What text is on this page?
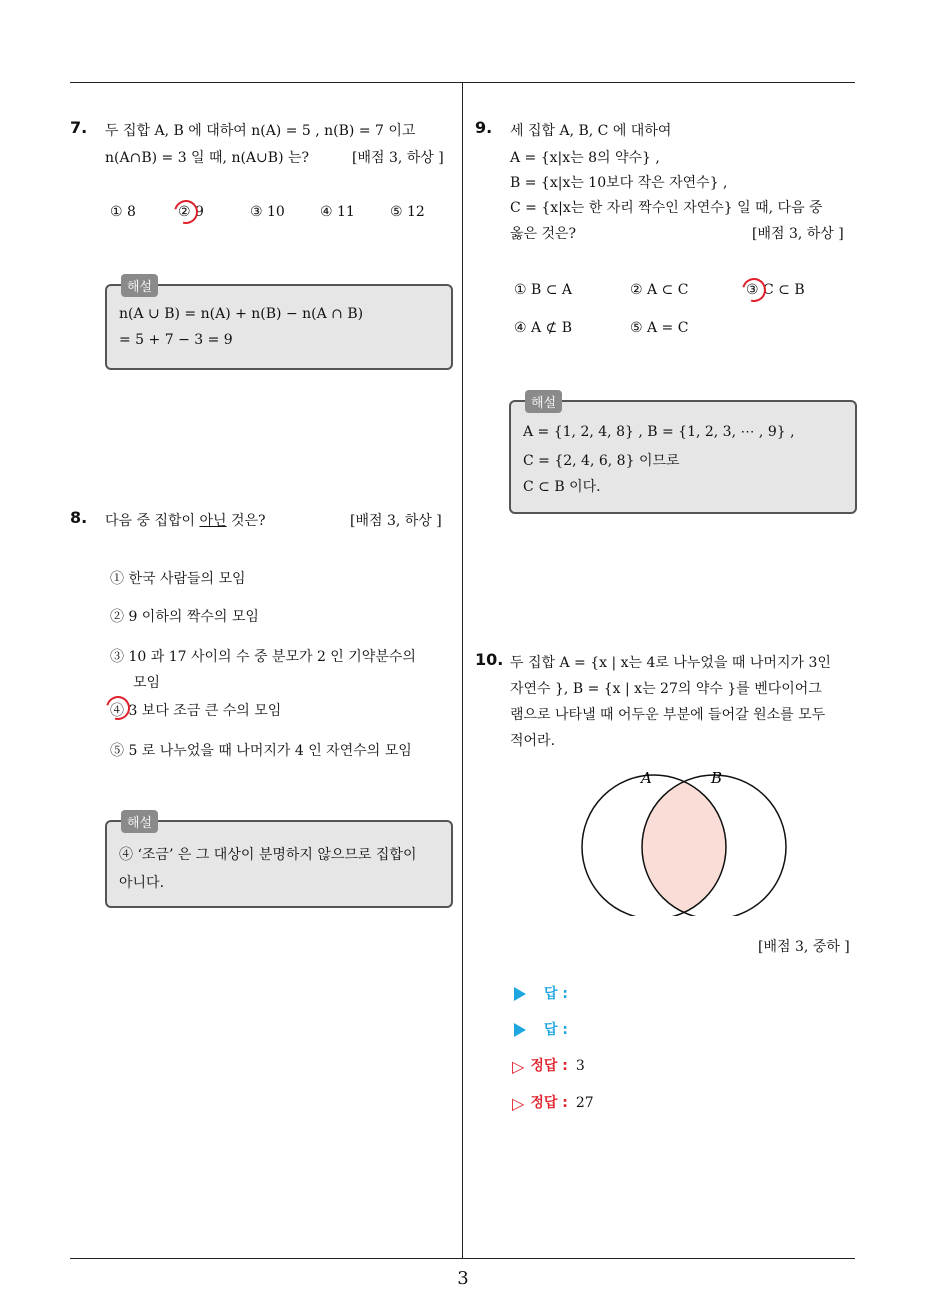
7. 두 집합 A, B 에 대하여 n(A) = 5 , n(B) = 7 이고
n(A∩B) = 3 일 때, n(A∪B) 는?	[배점 3, 하상 ]
① 8	② 9	③ 10	④ 11	⑤ 12
해설
n(A ∪ B) = n(A) + n(B) − n(A ∩ B)
= 5 + 7 − 3 = 9
8. 다음 중 집합이 아닌 것은?	[배점 3, 하상 ]
① 한국 사람들의 모임
② 9 이하의 짝수의 모임
③ 10 과 17 사이의 수 중 분모가 2 인 기약분수의
모임
④ 3 보다 조금 큰 수의 모임
⑤ 5 로 나누었을 때 나머지가 4 인 자연수의 모임
해설
④ ‘조금’ 은 그 대상이 분명하지 않으므로 집합이
아니다.
9. 세 집합 A, B, C 에 대하여
A = {x|x는 8의 약수} ,
B = {x|x는 10보다 작은 자연수} ,
C = {x|x는 한 자리 짝수인 자연수} 일 때, 다음 중
옳은 것은?	[배점 3, 하상 ]
① B ⊂ A	② A ⊂ C	③ C ⊂ B
④ A ⊄ B	⑤ A = C
해설
A = {1, 2, 4, 8} , B = {1, 2, 3, ⋯ , 9} ,
C = {2, 4, 6, 8} 이므로
C ⊂ B 이다.
10. 두 집합 A = {x | x는 4로 나누었을 때 나머지가 3인
자연수 }, B = {x | x는 27의 약수 }를 벤다이어그
램으로 나타낼 때 어두운 부분에 들어갈 원소를 모두
적어라.
A	B
[배점 3, 중하 ]
답 :
답 :
▷ 정답 : 3
▷ 정답 : 27
3
